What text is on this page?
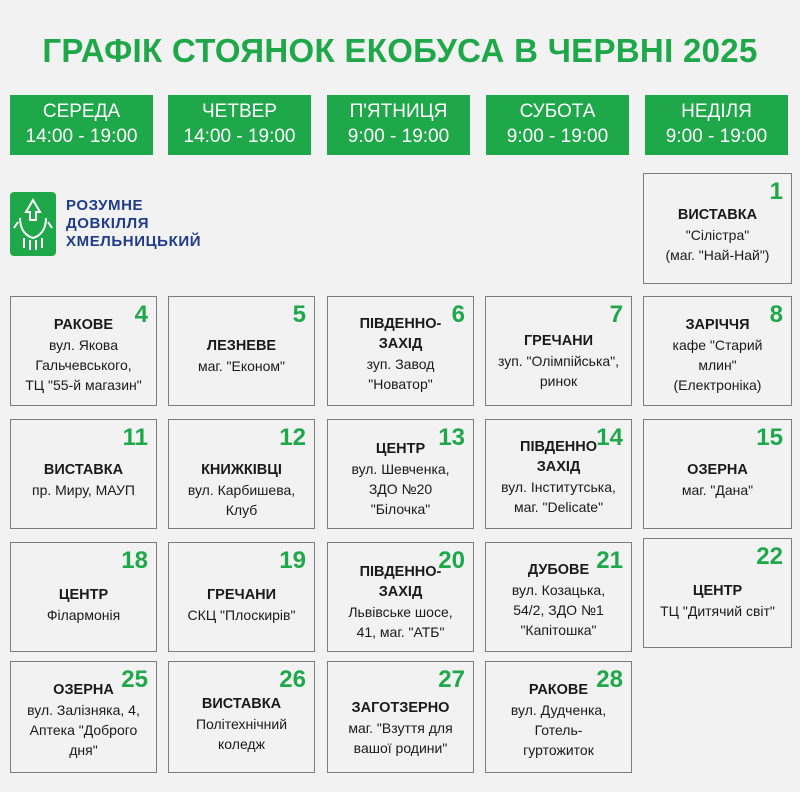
ГРАФІК СТОЯНОК ЕКОБУСА В ЧЕРВНІ 2025
СЕРЕДА
14:00 - 19:00
ЧЕТВЕР
14:00 - 19:00
П'ЯТНИЦЯ
9:00 - 19:00
СУБОТА
9:00 - 19:00
НЕДІЛЯ
9:00 - 19:00
РОЗУМНЕ
ДОВКІЛЛЯ
ХМЕЛЬНИЦЬКИЙ
1
ВИСТАВКА
"Сілістра"
(маг. "Най-Най")
4
РАКОВЕ
вул. Якова
Гальчевського,
ТЦ "55-й магазин"
5
ЛЕЗНЕВЕ
маг. "Економ"
6
ПІВДЕННО-
ЗАХІД
зуп. Завод
"Новатор"
7
ГРЕЧАНИ
зуп. "Олімпійська",
ринок
8
ЗАРІЧЧЯ
кафе "Старий
млин"
(Електроніка)
11
ВИСТАВКА
пр. Миру, МАУП
12
КНИЖКІВЦІ
вул. Карбишева,
Клуб
13
ЦЕНТР
вул. Шевченка,
ЗДО №20
"Білочка"
14
ПІВДЕННО
ЗАХІД
вул. Інститутська,
маг. "Delicate"
15
ОЗЕРНА
маг. "Дана"
18
ЦЕНТР
Філармонія
19
ГРЕЧАНИ
СКЦ "Плоскирів"
20
ПІВДЕННО-
ЗАХІД
Львівське шосе,
41, маг. "АТБ"
21
ДУБОВЕ
вул. Козацька,
54/2, ЗДО №1
"Капітошка"
22
ЦЕНТР
ТЦ "Дитячий світ"
25
ОЗЕРНА
вул. Залізняка, 4,
Аптека "Доброго
дня"
26
ВИСТАВКА
Політехнічний
коледж
27
ЗАГОТЗЕРНО
маг. "Взуття для
вашої родини"
28
РАКОВЕ
вул. Дудченка,
Готель-
гуртожиток
